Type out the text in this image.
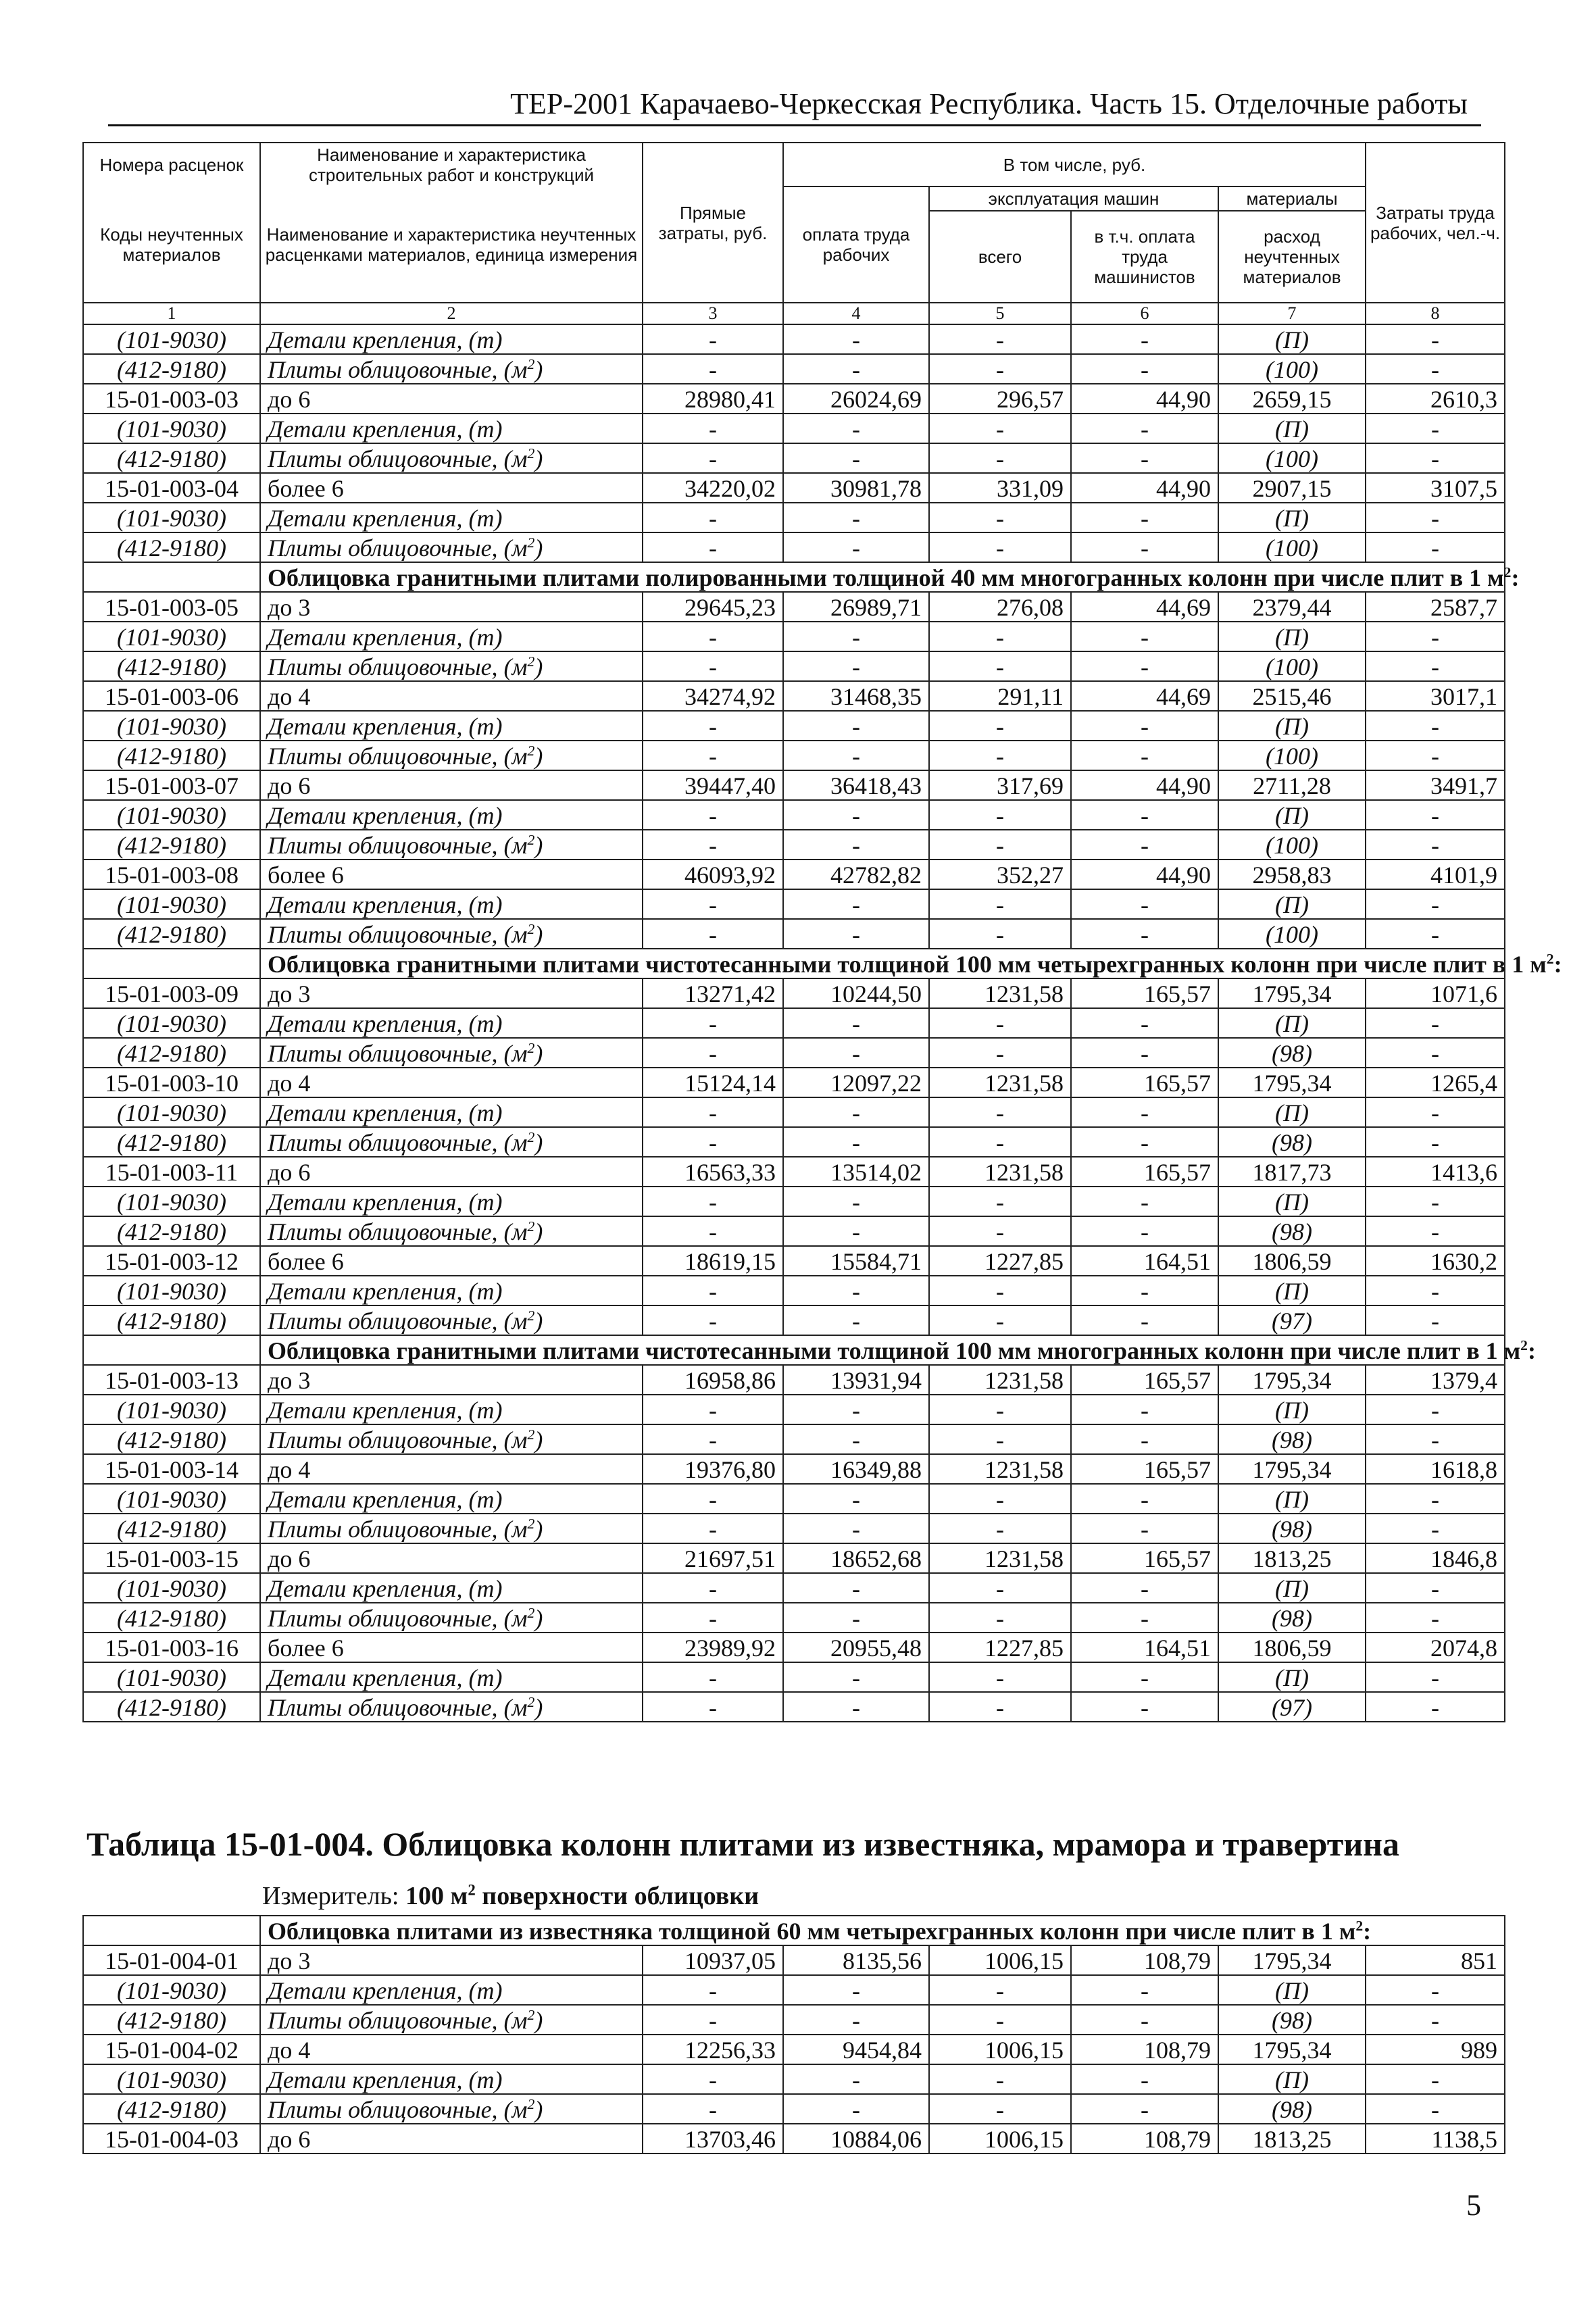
ТЕР-2001 Карачаево-Черкесская Республика. Часть 15. Отделочные работы
Номера расценок	Наименование и характеристика строительных работ и конструкций	Прямые затраты, руб.	В том числе, руб.				Затраты труда рабочих, чел.-ч.
Коды неучтенных материалов	Наименование и характеристика неучтенных расценками материалов, единица измерения		оплата труда рабочих	эксплуатация машин		материалы	
				всего	в т.ч. оплата труда машинистов	расход неучтенных материалов	
1	2	3	4	5	6	7	8
(101-9030)	Детали крепления, (т)	-	-	-	-	(П)	-
(412-9180)	Плиты облицовочные, $(м^2)$	-	-	-	-	(100)	-
15-01-003-03	до 6	28980,41	26024,69	296,57	44,90	2659,15	2610,3
(101-9030)	Детали крепления, (т)	-	-	-	-	(П)	-
(412-9180)	Плиты облицовочные, $(м^2)$	-	-	-	-	(100)	-
15-01-003-04	более 6	34220,02	30981,78	331,09	44,90	2907,15	3107,5
(101-9030)	Детали крепления, (т)	-	-	-	-	(П)	-
(412-9180)	Плиты облицовочные, $(м^2)$	-	-	-	-	(100)	-
	Облицовка гранитными плитами полированными толщиной 40 мм многогранных колонн при числе плит в 1 $м^2$:						
15-01-003-05	до 3	29645,23	26989,71	276,08	44,69	2379,44	2587,7
(101-9030)	Детали крепления, (т)	-	-	-	-	(П)	-
(412-9180)	Плиты облицовочные, $(м^2)$	-	-	-	-	(100)	-
15-01-003-06	до 4	34274,92	31468,35	291,11	44,69	2515,46	3017,1
(101-9030)	Детали крепления, (т)	-	-	-	-	(П)	-
(412-9180)	Плиты облицовочные, $(м^2)$	-	-	-	-	(100)	-
15-01-003-07	до 6	39447,40	36418,43	317,69	44,90	2711,28	3491,7
(101-9030)	Детали крепления, (т)	-	-	-	-	(П)	-
(412-9180)	Плиты облицовочные, $(м^2)$	-	-	-	-	(100)	-
15-01-003-08	более 6	46093,92	42782,82	352,27	44,90	2958,83	4101,9
(101-9030)	Детали крепления, (т)	-	-	-	-	(П)	-
(412-9180)	Плиты облицовочные, $(м^2)$	-	-	-	-	(100)	-
	Облицовка гранитными плитами чистотесанными толщиной 100 мм четырехгранных колонн при числе плит в 1 $м^2$:						
15-01-003-09	до 3	13271,42	10244,50	1231,58	165,57	1795,34	1071,6
(101-9030)	Детали крепления, (т)	-	-	-	-	(П)	-
(412-9180)	Плиты облицовочные, $(м^2)$	-	-	-	-	(98)	-
15-01-003-10	до 4	15124,14	12097,22	1231,58	165,57	1795,34	1265,4
(101-9030)	Детали крепления, (т)	-	-	-	-	(П)	-
(412-9180)	Плиты облицовочные, $(м^2)$	-	-	-	-	(98)	-
15-01-003-11	до 6	16563,33	13514,02	1231,58	165,57	1817,73	1413,6
(101-9030)	Детали крепления, (т)	-	-	-	-	(П)	-
(412-9180)	Плиты облицовочные, $(м^2)$	-	-	-	-	(98)	-
15-01-003-12	более 6	18619,15	15584,71	1227,85	164,51	1806,59	1630,2
(101-9030)	Детали крепления, (т)	-	-	-	-	(П)	-
(412-9180)	Плиты облицовочные, $(м^2)$	-	-	-	-	(97)	-
	Облицовка гранитными плитами чистотесанными толщиной 100 мм многогранных колонн при числе плит в 1 $м^2$:						
15-01-003-13	до 3	16958,86	13931,94	1231,58	165,57	1795,34	1379,4
(101-9030)	Детали крепления, (т)	-	-	-	-	(П)	-
(412-9180)	Плиты облицовочные, $(м^2)$	-	-	-	-	(98)	-
15-01-003-14	до 4	19376,80	16349,88	1231,58	165,57	1795,34	1618,8
(101-9030)	Детали крепления, (т)	-	-	-	-	(П)	-
(412-9180)	Плиты облицовочные, $(м^2)$	-	-	-	-	(98)	-
15-01-003-15	до 6	21697,51	18652,68	1231,58	165,57	1813,25	1846,8
(101-9030)	Детали крепления, (т)	-	-	-	-	(П)	-
(412-9180)	Плиты облицовочные, $(м^2)$	-	-	-	-	(98)	-
15-01-003-16	более 6	23989,92	20955,48	1227,85	164,51	1806,59	2074,8
(101-9030)	Детали крепления, (т)	-	-	-	-	(П)	-
(412-9180)	Плиты облицовочные, $(м^2)$	-	-	-	-	(97)	-
Таблица 15-01-004. Облицовка колонн плитами из известняка, мрамора и травертина
Измеритель: 100 $м^2$ поверхности облицовки
	Облицовка плитами из известняка толщиной 60 мм четырехгранных колонн при числе плит в 1 $м^2$:						
15-01-004-01	до 3	10937,05	8135,56	1006,15	108,79	1795,34	851
(101-9030)	Детали крепления, (т)	-	-	-	-	(П)	-
(412-9180)	Плиты облицовочные, $(м^2)$	-	-	-	-	(98)	-
15-01-004-02	до 4	12256,33	9454,84	1006,15	108,79	1795,34	989
(101-9030)	Детали крепления, (т)	-	-	-	-	(П)	-
(412-9180)	Плиты облицовочные, $(м^2)$	-	-	-	-	(98)	-
15-01-004-03	до 6	13703,46	10884,06	1006,15	108,79	1813,25	1138,5
5
